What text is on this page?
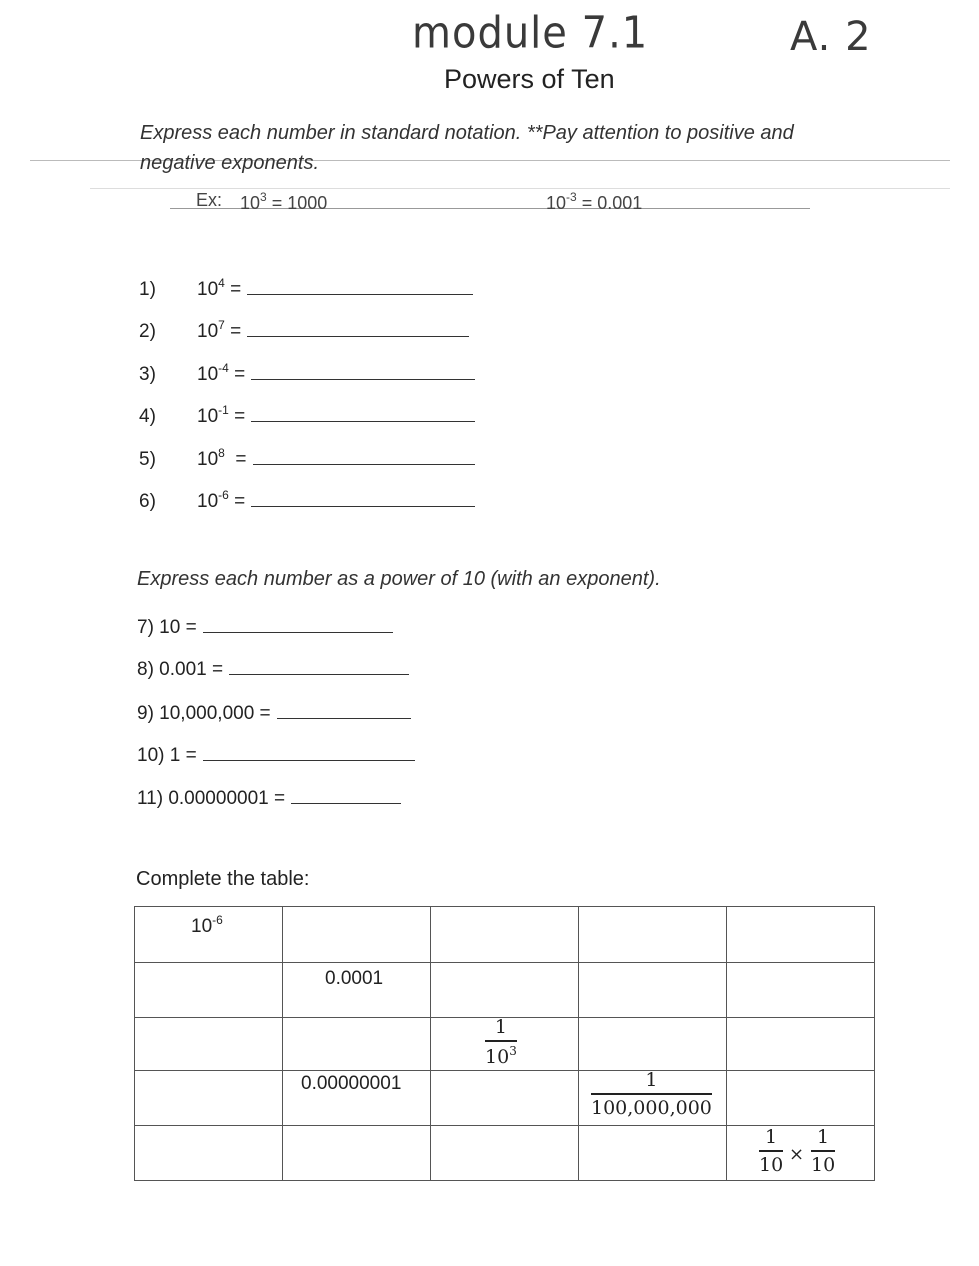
module 7.1	A. 2
Powers of Ten
Express each number in standard notation. **Pay attention to positive and negative exponents.
Ex: $10^3 = 1000$	$10^{-3} = 0.001$
1)	$10^4$ =
2)	$10^7$ =
3)	$10^{-4}$ =
4)	$10^{-1}$ =
5)	$10^8$ =
6)	$10^{-6}$ =
Express each number as a power of 10 (with an exponent).
7) 10 =
8) 0.001 =
9) 10,000,000 =
10) 1 =
11) 0.00000001 =
Complete the table:
$10^{-6}$

	0.0001			

		1
$10^3$

	0.00000001		1
100,000,000	

				1
10 ×
1
10
